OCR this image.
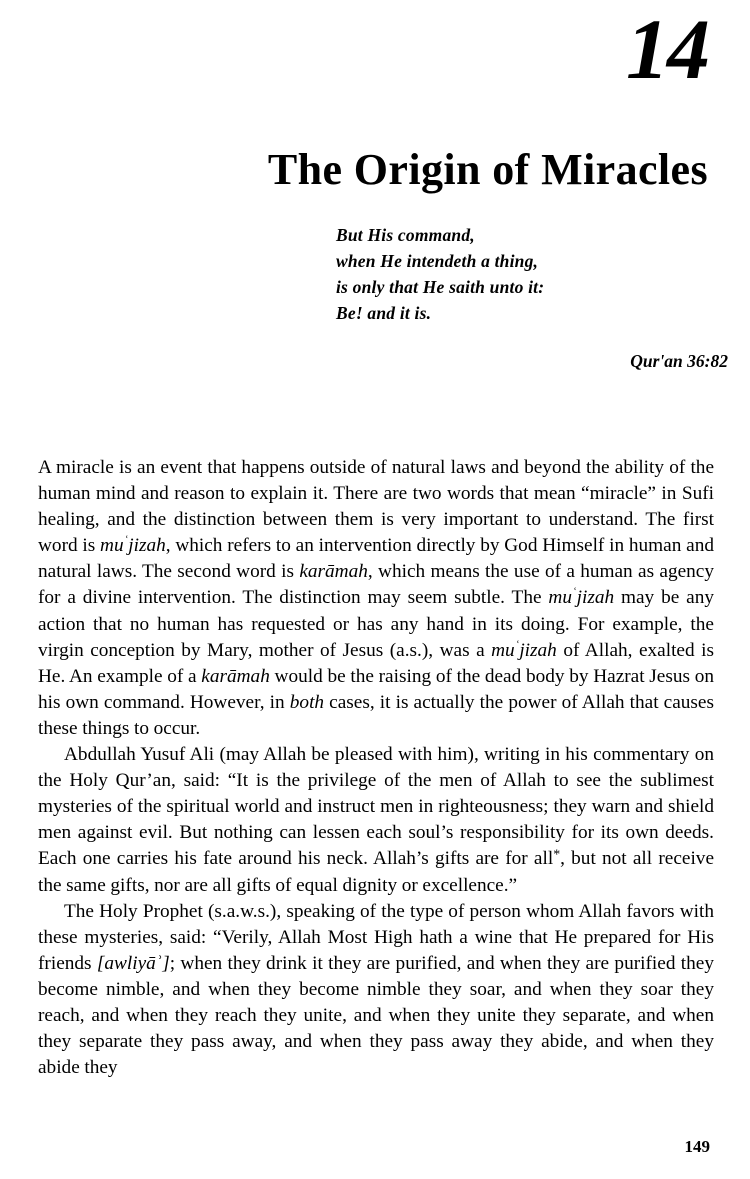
14
The Origin of Miracles
But His command,
when He intendeth a thing,
is only that He saith unto it:
Be! and it is.
Qur'an 36:82

A miracle is an event that happens outside of natural laws and beyond the ability of the human mind and reason to explain it. There are two words that mean “miracle” in Sufi healing, and the distinction between them is very important to understand. The first word is $mu^ʿjizah$, which refers to an intervention directly by God Himself in human and natural laws. The second word is karāmah, which means the use of a human as agency for a divine intervention. The distinction may seem subtle. The $mu^ʿjizah$ may be any action that no human has requested or has any hand in its doing. For example, the virgin conception by Mary, mother of Jesus (a.s.), was a $mu^ʿjizah$ of Allah, exalted is He. An example of a karāmah would be the raising of the dead body by Hazrat Jesus on his own command. However, in both cases, it is actually the power of Allah that causes these things to occur.

Abdullah Yusuf Ali (may Allah be pleased with him), writing in his commentary on the Holy Qur’an, said: “It is the privilege of the men of Allah to see the sublimest mysteries of the spiritual world and instruct men in righteousness; they warn and shield men against evil. But nothing can lessen each soul’s responsibility for its own deeds. Each one carries his fate around his neck. Allah’s gifts are for all*, but not all receive the same gifts, nor are all gifts of equal dignity or excellence.”

The Holy Prophet (s.a.w.s.), speaking of the type of person whom Allah favors with these mysteries, said: “Verily, Allah Most High hath a wine that He prepared for His friends [awliyāʾ]; when they drink it they are purified, and when they are purified they become nimble, and when they become nimble they soar, and when they soar they reach, and when they reach they unite, and when they unite they separate, and when they separate they pass away, and when they pass away they abide, and when they abide they

149
